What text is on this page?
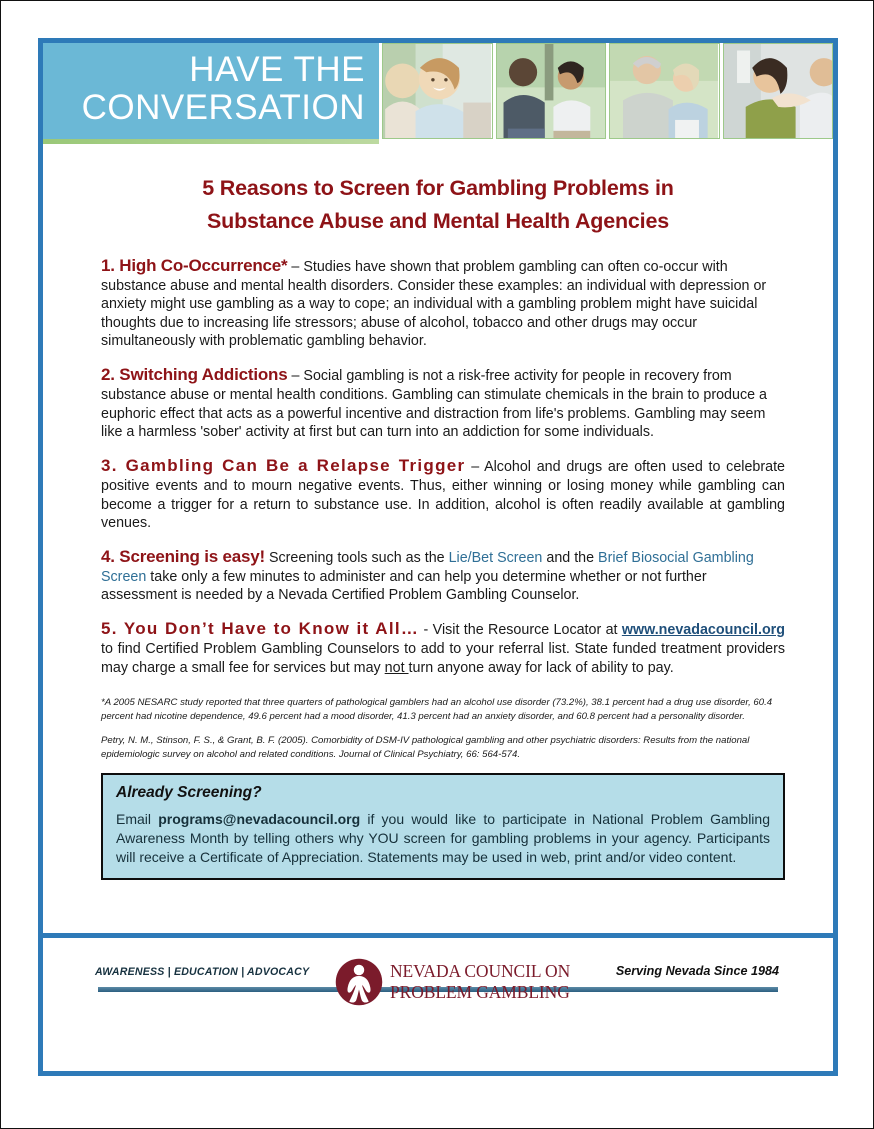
HAVE THE
CONVERSATION
5 Reasons to Screen for Gambling Problems in
Substance Abuse and Mental Health Agencies

1. High Co-Occurrence* – Studies have shown that problem gambling can often co-occur with substance abuse and mental health disorders. Consider these examples: an individual with depression or anxiety might use gambling as a way to cope; an individual with a gambling problem might have suicidal thoughts due to increasing life stressors; abuse of alcohol, tobacco and other drugs may occur simultaneously with problematic gambling behavior.

2. Switching Addictions – Social gambling is not a risk-free activity for people in recovery from substance abuse or mental health conditions. Gambling can stimulate chemicals in the brain to produce a euphoric effect that acts as a powerful incentive and distraction from life's problems. Gambling may seem like a harmless 'sober' activity at first but can turn into an addiction for some individuals.

3. Gambling Can Be a Relapse Trigger – Alcohol and drugs are often used to celebrate positive events and to mourn negative events. Thus, either winning or losing money while gambling can become a trigger for a return to substance use. In addition, alcohol is often readily available at gambling venues.

4. Screening is easy! Screening tools such as the Lie/Bet Screen and the Brief Biosocial Gambling Screen take only a few minutes to administer and can help you determine whether or not further assessment is needed by a Nevada Certified Problem Gambling Counselor.

5. You Don’t Have to Know it All… - Visit the Resource Locator at www.nevadacouncil.org to find Certified Problem Gambling Counselors to add to your referral list. State funded treatment providers may charge a small fee for services but may not turn anyone away for lack of ability to pay.

*A 2005 NESARC study reported that three quarters of pathological gamblers had an alcohol use disorder (73.2%), 38.1 percent had a drug use disorder, 60.4 percent had nicotine dependence, 49.6 percent had a mood disorder, 41.3 percent had an anxiety disorder, and 60.8 percent had a personality disorder.

Petry, N. M., Stinson, F. S., & Grant, B. F. (2005). Comorbidity of DSM-IV pathological gambling and other psychiatric disorders: Results from the national epidemiologic survey on alcohol and related conditions. Journal of Clinical Psychiatry, 66: 564-574.

Already Screening?

Email programs@nevadacouncil.org if you would like to participate in National Problem Gambling Awareness Month by telling others why YOU screen for gambling problems in your agency. Participants will receive a Certificate of Appreciation. Statements may be used in web, print and/or video content.

AWARENESS | EDUCATION | ADVOCACY	Serving Nevada Since 1984
NEVADA COUNCIL ON
PROBLEM GAMBLING
